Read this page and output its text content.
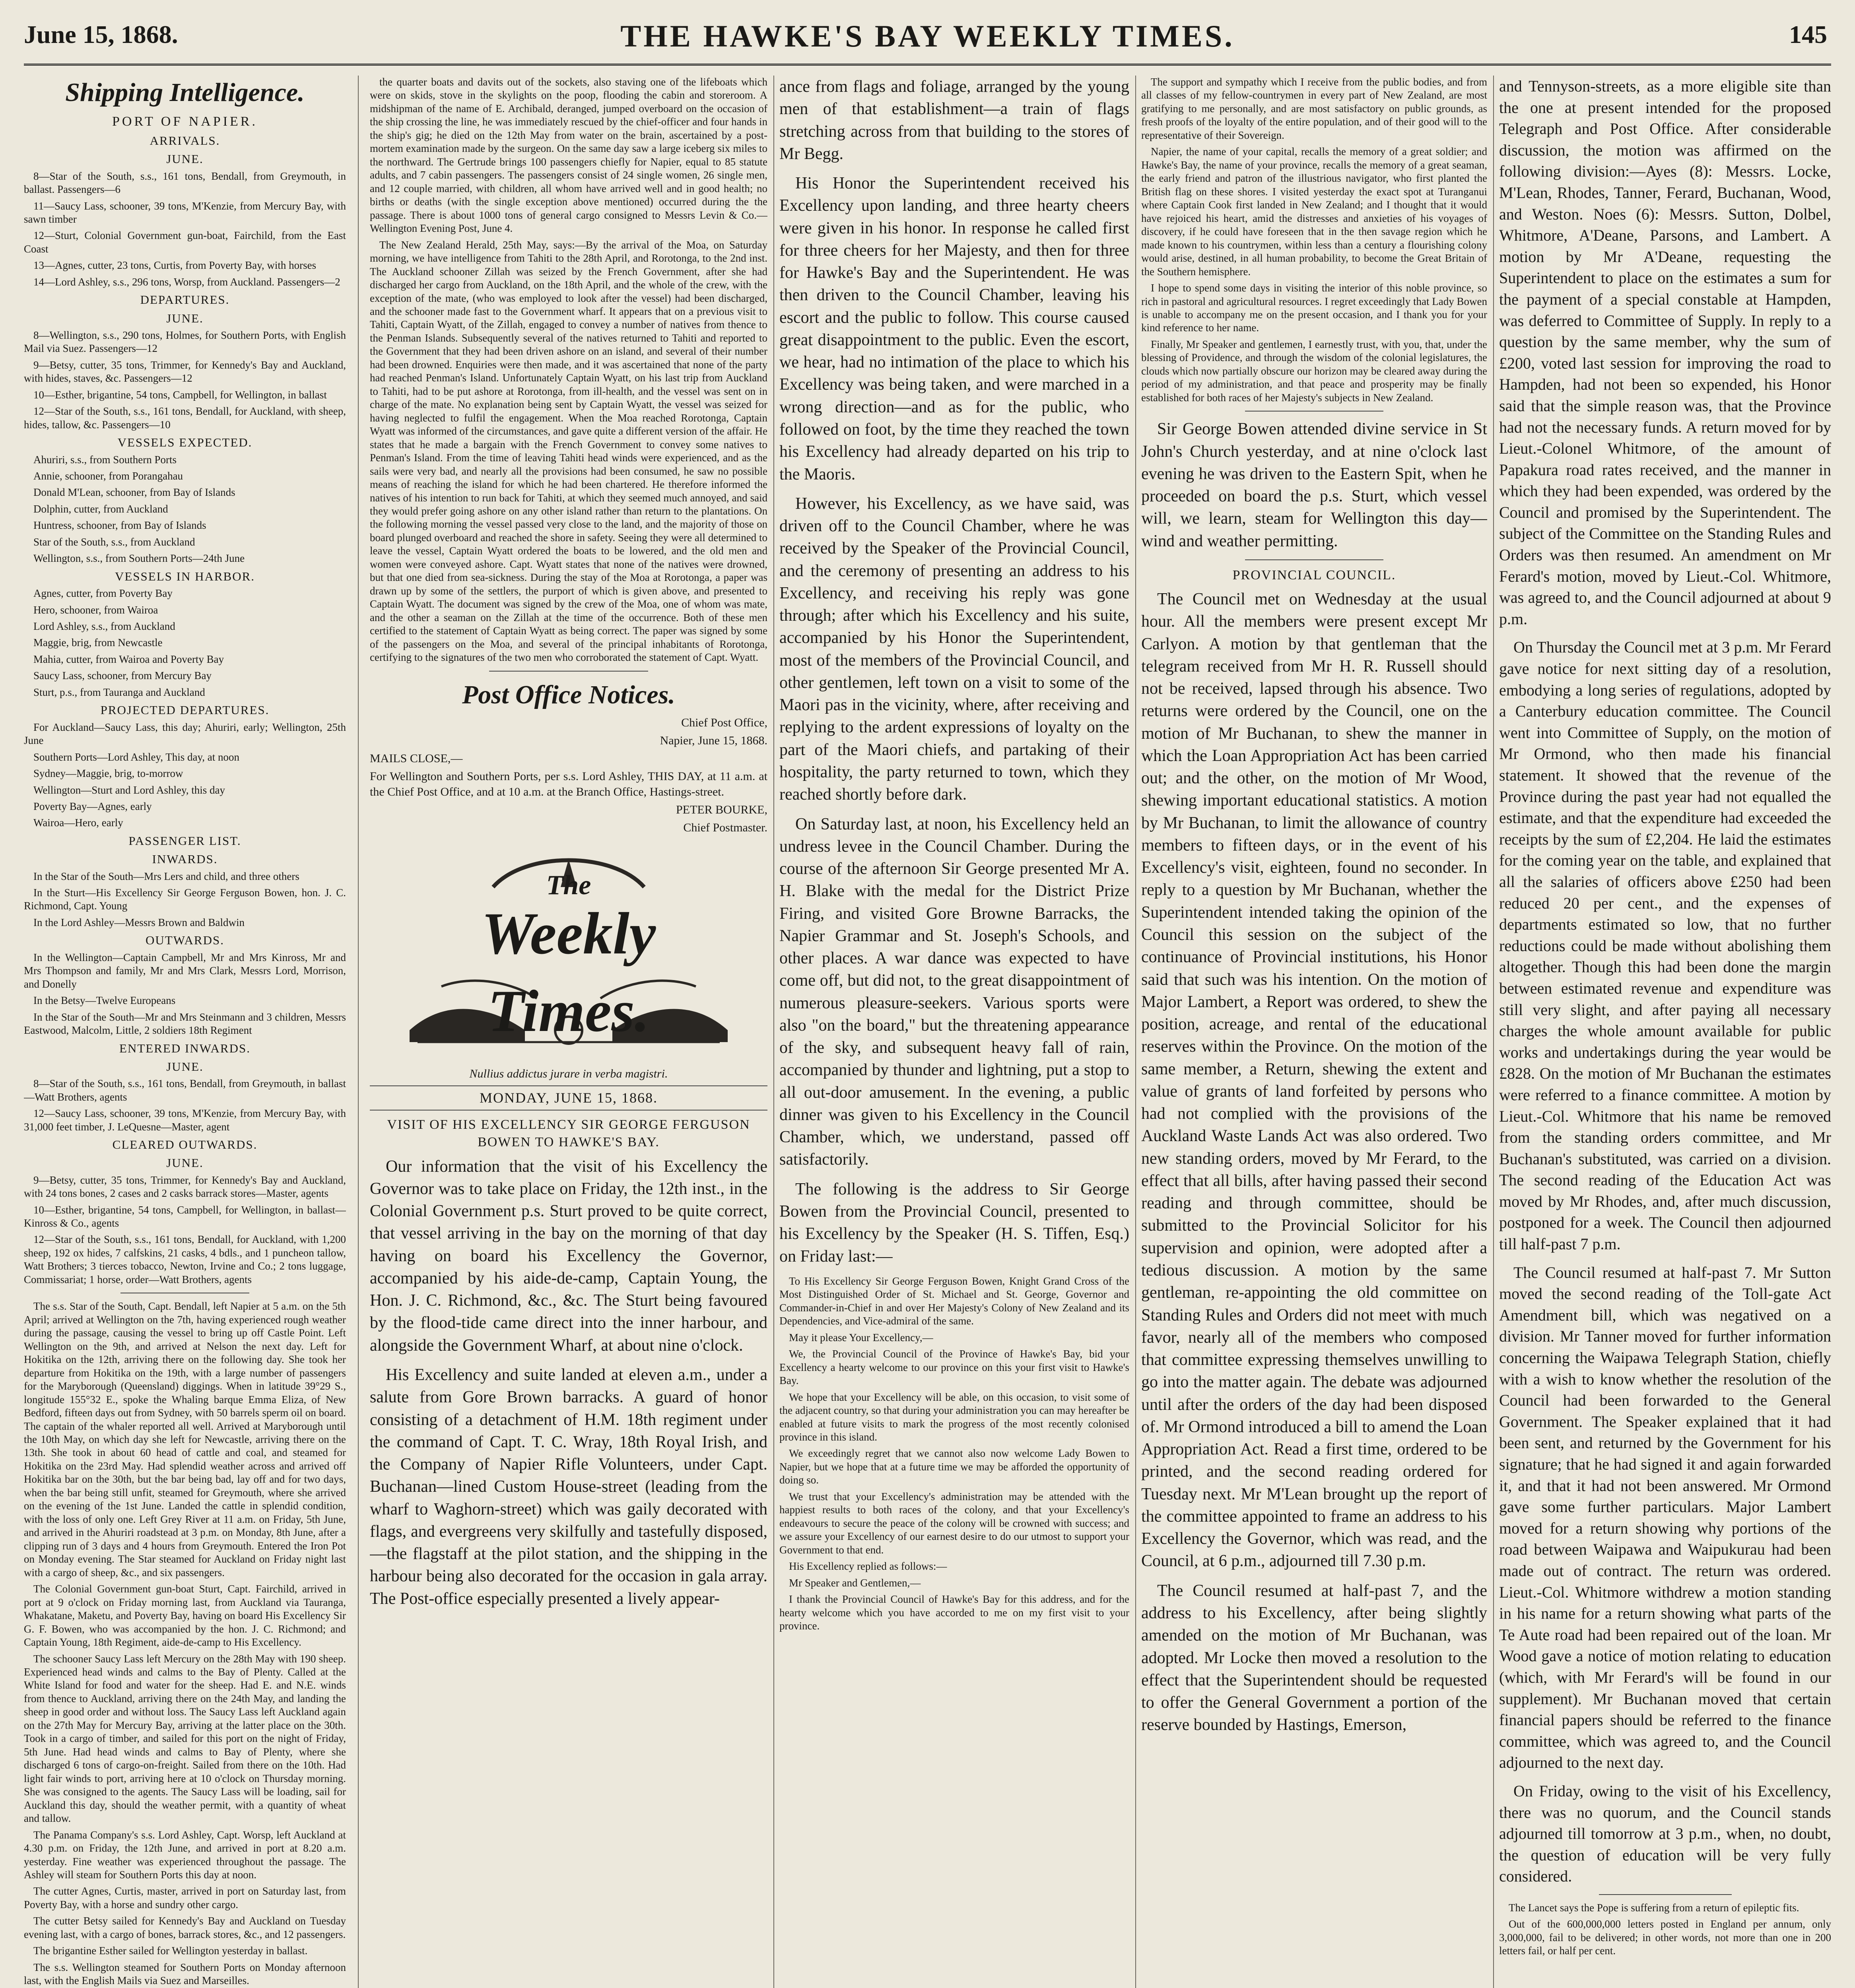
June 15, 1868.	THE HAWKE'S BAY WEEKLY TIMES.	145
Shipping Intelligence.
PORT OF NAPIER.
ARRIVALS.
JUNE.

8—Star of the South, s.s., 161 tons, Bendall, from Greymouth, in ballast. Passengers—6

11—Saucy Lass, schooner, 39 tons, M'Kenzie, from Mercury Bay, with sawn timber

12—Sturt, Colonial Government gun-boat, Fairchild, from the East Coast

13—Agnes, cutter, 23 tons, Curtis, from Poverty Bay, with horses

14—Lord Ashley, s.s., 296 tons, Worsp, from Auckland. Passengers—2

DEPARTURES.
JUNE.

8—Wellington, s.s., 290 tons, Holmes, for Southern Ports, with English Mail via Suez. Passengers—12

9—Betsy, cutter, 35 tons, Trimmer, for Kennedy's Bay and Auckland, with hides, staves, &c. Passengers—12

10—Esther, brigantine, 54 tons, Campbell, for Wellington, in ballast

12—Star of the South, s.s., 161 tons, Bendall, for Auckland, with sheep, hides, tallow, &c. Passengers—10

VESSELS EXPECTED.

Ahuriri, s.s., from Southern Ports

Annie, schooner, from Porangahau

Donald M'Lean, schooner, from Bay of Islands

Dolphin, cutter, from Auckland

Huntress, schooner, from Bay of Islands

Star of the South, s.s., from Auckland

Wellington, s.s., from Southern Ports—24th June

VESSELS IN HARBOR.

Agnes, cutter, from Poverty Bay

Hero, schooner, from Wairoa

Lord Ashley, s.s., from Auckland

Maggie, brig, from Newcastle

Mahia, cutter, from Wairoa and Poverty Bay

Saucy Lass, schooner, from Mercury Bay

Sturt, p.s., from Tauranga and Auckland

PROJECTED DEPARTURES.

For Auckland—Saucy Lass, this day; Ahuriri, early; Wellington, 25th June

Southern Ports—Lord Ashley, This day, at noon

Sydney—Maggie, brig, to-morrow

Wellington—Sturt and Lord Ashley, this day

Poverty Bay—Agnes, early

Wairoa—Hero, early

PASSENGER LIST.
INWARDS.

In the Star of the South—Mrs Lers and child, and three others

In the Sturt—His Excellency Sir George Ferguson Bowen, hon. J. C. Richmond, Capt. Young

In the Lord Ashley—Messrs Brown and Baldwin

OUTWARDS.

In the Wellington—Captain Campbell, Mr and Mrs Kinross, Mr and Mrs Thompson and family, Mr and Mrs Clark, Messrs Lord, Morrison, and Donelly

In the Betsy—Twelve Europeans

In the Star of the South—Mr and Mrs Steinmann and 3 children, Messrs Eastwood, Malcolm, Little, 2 soldiers 18th Regiment

ENTERED INWARDS.
JUNE.

8—Star of the South, s.s., 161 tons, Bendall, from Greymouth, in ballast—Watt Brothers, agents

12—Saucy Lass, schooner, 39 tons, M'Kenzie, from Mercury Bay, with 31,000 feet timber, J. LeQuesne—Master, agent

CLEARED OUTWARDS.
JUNE.

9—Betsy, cutter, 35 tons, Trimmer, for Kennedy's Bay and Auckland, with 24 tons bones, 2 cases and 2 casks barrack stores—Master, agents

10—Esther, brigantine, 54 tons, Campbell, for Wellington, in ballast—Kinross & Co., agents

12—Star of the South, s.s., 161 tons, Bendall, for Auckland, with 1,200 sheep, 192 ox hides, 7 calfskins, 21 casks, 4 bdls., and 1 puncheon tallow, Watt Brothers; 3 tierces tobacco, Newton, Irvine and Co.; 2 tons luggage, Commissariat; 1 horse, order—Watt Brothers, agents

The s.s. Star of the South, Capt. Bendall, left Napier at 5 a.m. on the 5th April; arrived at Wellington on the 7th, having experienced rough weather during the passage, causing the vessel to bring up off Castle Point. Left Wellington on the 9th, and arrived at Nelson the next day. Left for Hokitika on the 12th, arriving there on the following day. She took her departure from Hokitika on the 19th, with a large number of passengers for the Maryborough (Queensland) diggings. When in latitude 39°29 S., longitude 155°32 E., spoke the Whaling barque Emma Eliza, of New Bedford, fifteen days out from Sydney, with 50 barrels sperm oil on board. The captain of the whaler reported all well. Arrived at Maryborough until the 10th May, on which day she left for Newcastle, arriving there on the 13th. She took in about 60 head of cattle and coal, and steamed for Hokitika on the 23rd May. Had splendid weather across and arrived off Hokitika bar on the 30th, but the bar being bad, lay off and for two days, when the bar being still unfit, steamed for Greymouth, where she arrived on the evening of the 1st June. Landed the cattle in splendid condition, with the loss of only one. Left Grey River at 11 a.m. on Friday, 5th June, and arrived in the Ahuriri roadstead at 3 p.m. on Monday, 8th June, after a clipping run of 3 days and 4 hours from Greymouth. Entered the Iron Pot on Monday evening. The Star steamed for Auckland on Friday night last with a cargo of sheep, &c., and six passengers.

The Colonial Government gun-boat Sturt, Capt. Fairchild, arrived in port at 9 o'clock on Friday morning last, from Auckland via Tauranga, Whakatane, Maketu, and Poverty Bay, having on board His Excellency Sir G. F. Bowen, who was accompanied by the hon. J. C. Richmond; and Captain Young, 18th Regiment, aide-de-camp to His Excellency.

The schooner Saucy Lass left Mercury on the 28th May with 190 sheep. Experienced head winds and calms to the Bay of Plenty. Called at the White Island for food and water for the sheep. Had E. and N.E. winds from thence to Auckland, arriving there on the 24th May, and landing the sheep in good order and without loss. The Saucy Lass left Auckland again on the 27th May for Mercury Bay, arriving at the latter place on the 30th. Took in a cargo of timber, and sailed for this port on the night of Friday, 5th June. Had head winds and calms to Bay of Plenty, where she discharged 6 tons of cargo-on-freight. Sailed from there on the 10th. Had light fair winds to port, arriving here at 10 o'clock on Thursday morning. She was consigned to the agents. The Saucy Lass will be loading, sail for Auckland this day, should the weather permit, with a quantity of wheat and tallow.

The Panama Company's s.s. Lord Ashley, Capt. Worsp, left Auckland at 4.30 p.m. on Friday, the 12th June, and arrived in port at 8.20 a.m. yesterday. Fine weather was experienced throughout the passage. The Ashley will steam for Southern Ports this day at noon.

The cutter Agnes, Curtis, master, arrived in port on Saturday last, from Poverty Bay, with a horse and sundry other cargo.

The cutter Betsy sailed for Kennedy's Bay and Auckland on Tuesday evening last, with a cargo of bones, barrack stores, &c., and 12 passengers.

The brigantine Esther sailed for Wellington yesterday in ballast.

The s.s. Wellington steamed for Southern Ports on Monday afternoon last, with the English Mails via Suez and Marseilles.

the quarter boats and davits out of the sockets, also staving one of the lifeboats which were on skids, stove in the skylights on the poop, flooding the cabin and storeroom. A midshipman of the name of E. Archibald, deranged, jumped overboard on the occasion of the ship crossing the line, he was immediately rescued by the chief-officer and four hands in the ship's gig; he died on the 12th May from water on the brain, ascertained by a post-mortem examination made by the surgeon. On the same day saw a large iceberg six miles to the northward. The Gertrude brings 100 passengers chiefly for Napier, equal to 85 statute adults, and 7 cabin passengers. The passengers consist of 24 single women, 26 single men, and 12 couple married, with children, all whom have arrived well and in good health; no births or deaths (with the single exception above mentioned) occurred during the the passage. There is about 1000 tons of general cargo consigned to Messrs Levin & Co.—Wellington Evening Post, June 4.

The New Zealand Herald, 25th May, says:—By the arrival of the Moa, on Saturday morning, we have intelligence from Tahiti to the 28th April, and Rorotonga, to the 2nd inst. The Auckland schooner Zillah was seized by the French Government, after she had discharged her cargo from Auckland, on the 18th April, and the whole of the crew, with the exception of the mate, (who was employed to look after the vessel) had been discharged, and the schooner made fast to the Government wharf. It appears that on a previous visit to Tahiti, Captain Wyatt, of the Zillah, engaged to convey a number of natives from thence to the Penman Islands. Subsequently several of the natives returned to Tahiti and reported to the Government that they had been driven ashore on an island, and several of their number had been drowned. Enquiries were then made, and it was ascertained that none of the party had reached Penman's Island. Unfortunately Captain Wyatt, on his last trip from Auckland to Tahiti, had to be put ashore at Rorotonga, from ill-health, and the vessel was sent on in charge of the mate. No explanation being sent by Captain Wyatt, the vessel was seized for having neglected to fulfil the engagement. When the Moa reached Rorotonga, Captain Wyatt was informed of the circumstances, and gave quite a different version of the affair. He states that he made a bargain with the French Government to convey some natives to Penman's Island. From the time of leaving Tahiti head winds were experienced, and as the sails were very bad, and nearly all the provisions had been consumed, he saw no possible means of reaching the island for which he had been chartered. He therefore informed the natives of his intention to run back for Tahiti, at which they seemed much annoyed, and said they would prefer going ashore on any other island rather than return to the plantations. On the following morning the vessel passed very close to the land, and the majority of those on board plunged overboard and reached the shore in safety. Seeing they were all determined to leave the vessel, Captain Wyatt ordered the boats to be lowered, and the old men and women were conveyed ashore. Capt. Wyatt states that none of the natives were drowned, but that one died from sea-sickness. During the stay of the Moa at Rorotonga, a paper was drawn up by some of the settlers, the purport of which is given above, and presented to Captain Wyatt. The document was signed by the crew of the Moa, one of whom was mate, and the other a seaman on the Zillah at the time of the occurrence. Both of these men certified to the statement of Captain Wyatt as being correct. The paper was signed by some of the passengers on the Moa, and several of the principal inhabitants of Rorotonga, certifying to the signatures of the two men who corroborated the statement of Capt. Wyatt.

Post Office Notices.

Chief Post Office,

Napier, June 15, 1868.

MAILS CLOSE,—

For Wellington and Southern Ports, per s.s. Lord Ashley, THIS DAY, at 11 a.m. at the Chief Post Office, and at 10 a.m. at the Branch Office, Hastings-street.

PETER BOURKE,

Chief Postmaster.

The
Weekly Times.
Nullius addictus jurare in verba magistri.
MONDAY, JUNE 15, 1868.
VISIT OF HIS EXCELLENCY SIR GEORGE FERGUSON BOWEN TO HAWKE'S BAY.

Our information that the visit of his Excellency the Governor was to take place on Friday, the 12th inst., in the Colonial Government p.s. Sturt proved to be quite correct, that vessel arriving in the bay on the morning of that day having on board his Excellency the Governor, accompanied by his aide-de-camp, Captain Young, the Hon. J. C. Richmond, &c., &c. The Sturt being favoured by the flood-tide came direct into the inner harbour, and alongside the Government Wharf, at about nine o'clock.

His Excellency and suite landed at eleven a.m., under a salute from Gore Brown barracks. A guard of honor consisting of a detachment of H.M. 18th regiment under the command of Capt. T. C. Wray, 18th Royal Irish, and the Company of Napier Rifle Volunteers, under Capt. Buchanan—lined Custom House-street (leading from the wharf to Waghorn-street) which was gaily decorated with flags, and evergreens very skilfully and tastefully disposed,—the flagstaff at the pilot station, and the shipping in the harbour being also decorated for the occasion in gala array. The Post-office especially presented a lively appear-

ance from flags and foliage, arranged by the young men of that establishment—a train of flags stretching across from that building to the stores of Mr Begg.

His Honor the Superintendent received his Excellency upon landing, and three hearty cheers were given in his honor. In response he called first for three cheers for her Majesty, and then for three for Hawke's Bay and the Superintendent. He was then driven to the Council Chamber, leaving his escort and the public to follow. This course caused great disappointment to the public. Even the escort, we hear, had no intimation of the place to which his Excellency was being taken, and were marched in a wrong direction—and as for the public, who followed on foot, by the time they reached the town his Excellency had already departed on his trip to the Maoris.

However, his Excellency, as we have said, was driven off to the Council Chamber, where he was received by the Speaker of the Provincial Council, and the ceremony of presenting an address to his Excellency, and receiving his reply was gone through; after which his Excellency and his suite, accompanied by his Honor the Superintendent, most of the members of the Provincial Council, and other gentlemen, left town on a visit to some of the Maori pas in the vicinity, where, after receiving and replying to the ardent expressions of loyalty on the part of the Maori chiefs, and partaking of their hospitality, the party returned to town, which they reached shortly before dark.

On Saturday last, at noon, his Excellency held an undress levee in the Council Chamber. During the course of the afternoon Sir George presented Mr A. H. Blake with the medal for the District Prize Firing, and visited Gore Browne Barracks, the Napier Grammar and St. Joseph's Schools, and other places. A war dance was expected to have come off, but did not, to the great disappointment of numerous pleasure-seekers. Various sports were also "on the board," but the threatening appearance of the sky, and subsequent heavy fall of rain, accompanied by thunder and lightning, put a stop to all out-door amusement. In the evening, a public dinner was given to his Excellency in the Council Chamber, which, we understand, passed off satisfactorily.

The following is the address to Sir George Bowen from the Provincial Council, presented to his Excellency by the Speaker (H. S. Tiffen, Esq.) on Friday last:—

To His Excellency Sir George Ferguson Bowen, Knight Grand Cross of the Most Distinguished Order of St. Michael and St. George, Governor and Commander-in-Chief in and over Her Majesty's Colony of New Zealand and its Dependencies, and Vice-admiral of the same.

May it please Your Excellency,—

We, the Provincial Council of the Province of Hawke's Bay, bid your Excellency a hearty welcome to our province on this your first visit to Hawke's Bay.

We hope that your Excellency will be able, on this occasion, to visit some of the adjacent country, so that during your administration you can may hereafter be enabled at future visits to mark the progress of the most recently colonised province in this island.

We exceedingly regret that we cannot also now welcome Lady Bowen to Napier, but we hope that at a future time we may be afforded the opportunity of doing so.

We trust that your Excellency's administration may be attended with the happiest results to both races of the colony, and that your Excellency's endeavours to secure the peace of the colony will be crowned with success; and we assure your Excellency of our earnest desire to do our utmost to support your Government to that end.

His Excellency replied as follows:—

Mr Speaker and Gentlemen,—

I thank the Provincial Council of Hawke's Bay for this address, and for the hearty welcome which you have accorded to me on my first visit to your province.

The support and sympathy which I receive from the public bodies, and from all classes of my fellow-countrymen in every part of New Zealand, are most gratifying to me personally, and are most satisfactory on public grounds, as fresh proofs of the loyalty of the entire population, and of their good will to the representative of their Sovereign.

Napier, the name of your capital, recalls the memory of a great soldier; and Hawke's Bay, the name of your province, recalls the memory of a great seaman, the early friend and patron of the illustrious navigator, who first planted the British flag on these shores. I visited yesterday the exact spot at Turanganui where Captain Cook first landed in New Zealand; and I thought that it would have rejoiced his heart, amid the distresses and anxieties of his voyages of discovery, if he could have foreseen that in the then savage region which he made known to his countrymen, within less than a century a flourishing colony would arise, destined, in all human probability, to become the Great Britain of the Southern hemisphere.

I hope to spend some days in visiting the interior of this noble province, so rich in pastoral and agricultural resources. I regret exceedingly that Lady Bowen is unable to accompany me on the present occasion, and I thank you for your kind reference to her name.

Finally, Mr Speaker and gentlemen, I earnestly trust, with you, that, under the blessing of Providence, and through the wisdom of the colonial legislatures, the clouds which now partially obscure our horizon may be cleared away during the period of my administration, and that peace and prosperity may be finally established for both races of her Majesty's subjects in New Zealand.

Sir George Bowen attended divine service in St John's Church yesterday, and at nine o'clock last evening he was driven to the Eastern Spit, when he proceeded on board the p.s. Sturt, which vessel will, we learn, steam for Wellington this day—wind and weather permitting.

PROVINCIAL COUNCIL.

The Council met on Wednesday at the usual hour. All the members were present except Mr Carlyon. A motion by that gentleman that the telegram received from Mr H. R. Russell should not be received, lapsed through his absence. Two returns were ordered by the Council, one on the motion of Mr Buchanan, to shew the manner in which the Loan Appropriation Act has been carried out; and the other, on the motion of Mr Wood, shewing important educational statistics. A motion by Mr Buchanan, to limit the allowance of country members to fifteen days, or in the event of his Excellency's visit, eighteen, found no seconder. In reply to a question by Mr Buchanan, whether the Superintendent intended taking the opinion of the Council this session on the subject of the continuance of Provincial institutions, his Honor said that such was his intention. On the motion of Major Lambert, a Report was ordered, to shew the position, acreage, and rental of the educational reserves within the Province. On the motion of the same member, a Return, shewing the extent and value of grants of land forfeited by persons who had not complied with the provisions of the Auckland Waste Lands Act was also ordered. Two new standing orders, moved by Mr Ferard, to the effect that all bills, after having passed their second reading and through committee, should be submitted to the Provincial Solicitor for his supervision and opinion, were adopted after a tedious discussion. A motion by the same gentleman, re-appointing the old committee on Standing Rules and Orders did not meet with much favor, nearly all of the members who composed that committee expressing themselves unwilling to go into the matter again. The debate was adjourned until after the orders of the day had been disposed of. Mr Ormond introduced a bill to amend the Loan Appropriation Act. Read a first time, ordered to be printed, and the second reading ordered for Tuesday next. Mr M'Lean brought up the report of the committee appointed to frame an address to his Excellency the Governor, which was read, and the Council, at 6 p.m., adjourned till 7.30 p.m.

The Council resumed at half-past 7, and the address to his Excellency, after being slightly amended on the motion of Mr Buchanan, was adopted. Mr Locke then moved a resolution to the effect that the Superintendent should be requested to offer the General Government a portion of the reserve bounded by Hastings, Emerson,

and Tennyson-streets, as a more eligible site than the one at present intended for the proposed Telegraph and Post Office. After considerable discussion, the motion was affirmed on the following division:—Ayes (8): Messrs. Locke, M'Lean, Rhodes, Tanner, Ferard, Buchanan, Wood, and Weston. Noes (6): Messrs. Sutton, Dolbel, Whitmore, A'Deane, Parsons, and Lambert. A motion by Mr A'Deane, requesting the Superintendent to place on the estimates a sum for the payment of a special constable at Hampden, was deferred to Committee of Supply. In reply to a question by the same member, why the sum of £200, voted last session for improving the road to Hampden, had not been so expended, his Honor said that the simple reason was, that the Province had not the necessary funds. A return moved for by Lieut.-Colonel Whitmore, of the amount of Papakura road rates received, and the manner in which they had been expended, was ordered by the Council and promised by the Superintendent. The subject of the Committee on the Standing Rules and Orders was then resumed. An amendment on Mr Ferard's motion, moved by Lieut.-Col. Whitmore, was agreed to, and the Council adjourned at about 9 p.m.

On Thursday the Council met at 3 p.m. Mr Ferard gave notice for next sitting day of a resolution, embodying a long series of regulations, adopted by a Canterbury education committee. The Council went into Committee of Supply, on the motion of Mr Ormond, who then made his financial statement. It showed that the revenue of the Province during the past year had not equalled the estimate, and that the expenditure had exceeded the receipts by the sum of £2,204. He laid the estimates for the coming year on the table, and explained that all the salaries of officers above £250 had been reduced 20 per cent., and the expenses of departments estimated so low, that no further reductions could be made without abolishing them altogether. Though this had been done the margin between estimated revenue and expenditure was still very slight, and after paying all necessary charges the whole amount available for public works and undertakings during the year would be £828. On the motion of Mr Buchanan the estimates were referred to a finance committee. A motion by Lieut.-Col. Whitmore that his name be removed from the standing orders committee, and Mr Buchanan's substituted, was carried on a division. The second reading of the Education Act was moved by Mr Rhodes, and, after much discussion, postponed for a week. The Council then adjourned till half-past 7 p.m.

The Council resumed at half-past 7. Mr Sutton moved the second reading of the Toll-gate Act Amendment bill, which was negatived on a division. Mr Tanner moved for further information concerning the Waipawa Telegraph Station, chiefly with a wish to know whether the resolution of the Council had been forwarded to the General Government. The Speaker explained that it had been sent, and returned by the Government for his signature; that he had signed it and again forwarded it, and that it had not been answered. Mr Ormond gave some further particulars. Major Lambert moved for a return showing why portions of the road between Waipawa and Waipukurau had been made out of contract. The return was ordered. Lieut.-Col. Whitmore withdrew a motion standing in his name for a return showing what parts of the Te Aute road had been repaired out of the loan. Mr Wood gave a notice of motion relating to education (which, with Mr Ferard's will be found in our supplement). Mr Buchanan moved that certain financial papers should be referred to the finance committee, which was agreed to, and the Council adjourned to the next day.

On Friday, owing to the visit of his Excellency, there was no quorum, and the Council stands adjourned till tomorrow at 3 p.m., when, no doubt, the question of education will be very fully considered.

The Lancet says the Pope is suffering from a return of epileptic fits.

Out of the 600,000,000 letters posted in England per annum, only 3,000,000, fail to be delivered; in other words, not more than one in 200 letters fail, or half per cent.
